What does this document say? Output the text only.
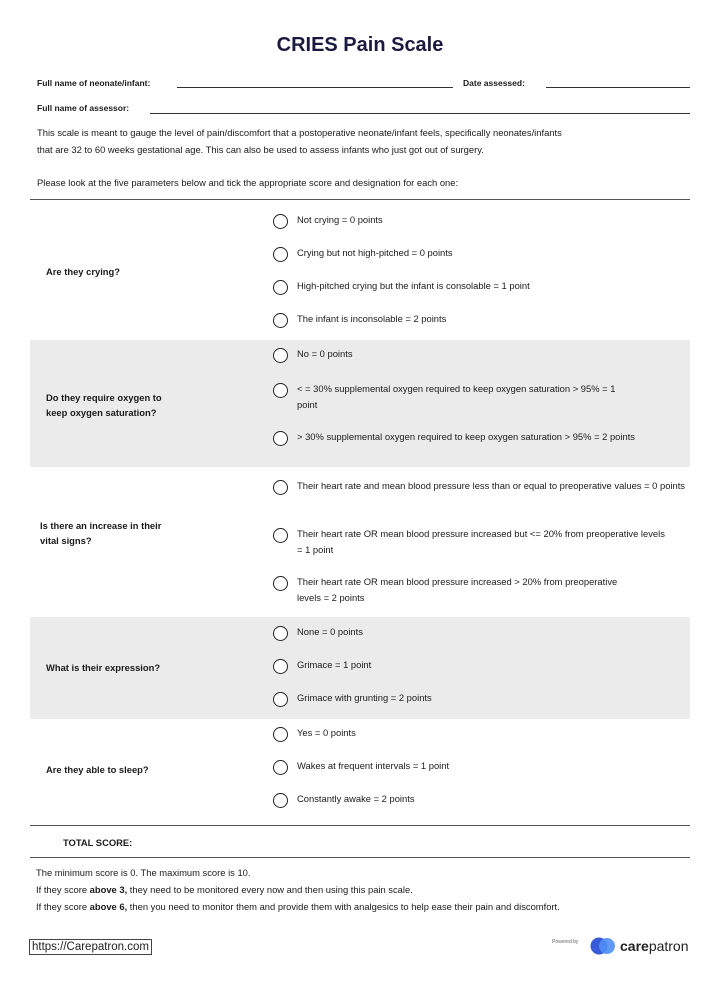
CRIES Pain Scale
Full name of neonate/infant:	Date assessed:
Full name of assessor:
This scale is meant to gauge the level of pain/discomfort that a postoperative neonate/infant feels, specifically neonates/infants
that are 32 to 60 weeks gestational age. This can also be used to assess infants who just got out of surgery.
Please look at the five parameters below and tick the appropriate score and designation for each one:
Are they crying?
Not crying = 0 points
Crying but not high-pitched = 0 points
High-pitched crying but the infant is consolable = 1 point
The infant is inconsolable = 2 points
Do they require oxygen to
keep oxygen saturation?
No = 0 points
< = 30% supplemental oxygen required to keep oxygen saturation > 95% = 1 point
> 30% supplemental oxygen required to keep oxygen saturation > 95% = 2 points
Is there an increase in their
vital signs?
Their heart rate and mean blood pressure less than or equal to preoperative values = 0 points
Their heart rate OR mean blood pressure increased but <= 20% from preoperative levels = 1 point
Their heart rate OR mean blood pressure increased > 20% from preoperative levels = 2 points
What is their expression?
None = 0 points
Grimace = 1 point
Grimace with grunting = 2 points
Are they able to sleep?
Yes = 0 points
Wakes at frequent intervals = 1 point
Constantly awake = 2 points
TOTAL SCORE:
The minimum score is 0. The maximum score is 10.
If they score above 3, they need to be monitored every now and then using this pain scale.
If they score above 6, then you need to monitor them and provide them with analgesics to help ease their pain and discomfort.
https://Carepatron.com	Powered by	carepatron
